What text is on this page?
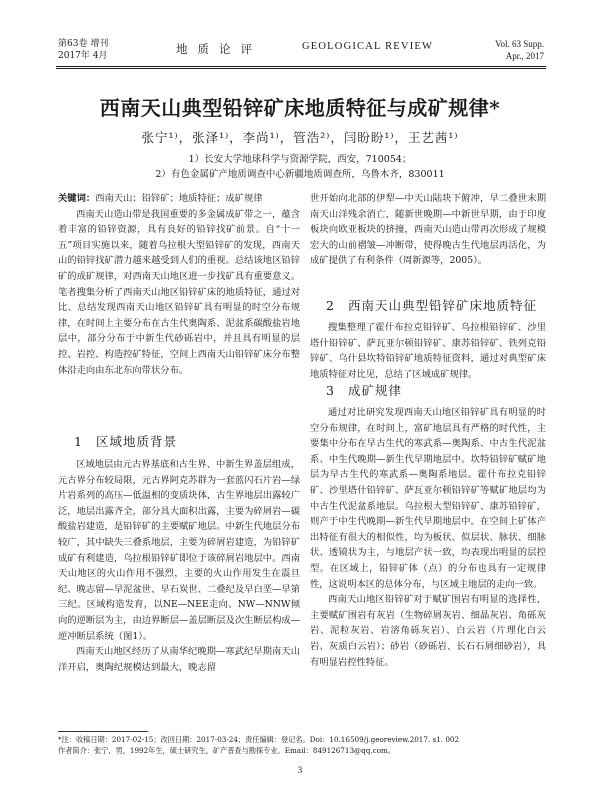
第63卷 增刊
2017年 4月	地质论评	GEOLOGICAL REVIEW	Vol. 63 Supp.
Apr., 2017
西南天山典型铅锌矿床地质特征与成矿规律*
张宁¹⁾，张泽¹⁾，李尚¹⁾，管浩²⁾，闫盼盼¹⁾，王艺茜¹⁾
1）长安大学地球科学与资源学院，西安，710054；
2）有色金属矿产地质调查中心新疆地质调查所，乌鲁木齐，830011

关键词：西南天山；铅锌矿；地质特征；成矿规律

西南天山造山带是我国重要的多金属成矿带之一，蕴含着丰富的铅锌资源，具有良好的铅锌找矿前景。自“十一五”项目实施以来，随着乌拉根大型铅锌矿的发现，西南天山的铅锌找矿潜力越来越受到人们的重视。总结该地区铅锌矿的成矿规律，对西南天山地区进一步找矿具有重要意义。笔者搜集分析了西南天山地区铅锌矿床的地质特征，通过对比、总结发现西南天山地区铅锌矿具有明显的时空分布规律，在时间上主要分布在古生代奥陶系、泥盆系碳酸盐岩地层中，部分分布于中新生代砂砾岩中，并且具有明显的层控、岩控、构造控矿特征，空间上西南天山铅锌矿床分布整体沿走向由东北东向带状分布。

1 区域地质背景

区域地层由元古界基底和古生界、中新生界盖层组成，元古界分布较局限，元古界阿克苏群为一套蓝闪石片岩—绿片岩系列的高压—低温相的变质块体，古生界地层出露较广泛，地层出露齐全，部分具大面积出露，主要为碎屑岩—碳酸盐岩建造，是铅锌矿的主要赋矿地层。中新生代地层分布较广，其中缺失三叠系地层，主要为碎屑岩建造，为铅锌矿成矿有利建造，乌拉根铅锌矿即位于该碎屑岩地层中。西南天山地区的火山作用不强烈，主要的火山作用发生在震旦纪、晚志留—早泥盆世、早石炭世、二叠纪及早白垩—早第三纪。区域构造发育，以NE—NEE走向、NW—NNW倾向的逆断层为主，由边界断层—盖层断层及次生断层构成—逆冲断层系统（图1）。

西南天山地区经历了从南华纪晚期—寒武纪早期南天山洋开启，奥陶纪规模达到最大，晚志留

世开始向北部的伊犁—中天山陆块下俯冲，早二叠世末期南天山洋残余消亡，随新世晚期—中新世早期，由于印度板块向欧亚板块的挤撞，西南天山造山带再次形成了规模宏大的山前褶皱—冲断带，使得晚古生代地层再活化，为成矿提供了有利条件（周新源等，2005）。

2 西南天山典型铅锌矿床地质特征

搜集整理了霍什布拉克铅锌矿、乌拉根铅锌矿、沙里塔什铅锌矿、萨瓦亚尔顿铅锌矿、康苏铅锌矿、铁列克铅锌矿、乌什县坎特铅锌矿地质特征资料，通过对典型矿床地质特征对比见，总结了区域成矿规律。

3 成矿规律

通过对比研究发现西南天山地区铅锌矿具有明显的时空分布规律，在时间上，富矿地层具有严格的时代性，主要集中分布在早古生代的寒武系—奥陶系、中古生代泥盆系、中生代晚期—新生代早期地层中。坎特铅锌矿赋矿地层为早古生代的寒武系—奥陶系地层。霍什布拉克铅锌矿、沙里塔什铅锌矿、萨瓦亚尔顿铅锌矿等赋矿地层均为中古生代泥盆系地层。乌拉根大型铅锌矿、康苏铅锌矿，则产于中生代晚期—新生代早期地层中。在空间上矿体产出特征有很大的相似性，均为板状、似层状、脉状、细脉状、透镜状为主，与地层产状一致，均表现出明显的层控型。在区域上，铅锌矿体（点）的分布也具有一定规律性，这说明本区的总体分布，与区域主地层的走向一致。

西南天山地区铅锌矿对于赋矿围岩有明显的选择性，主要赋矿围岩有灰岩（生物碎屑灰岩、细晶灰岩、角砾灰岩、泥粒灰岩、岩溶角砾灰岩）、白云岩（片理化白云岩、灰质白云岩）；砂岩（砂砾岩、长石石屑细砂岩），具有明显岩控性特征。

*注：收稿日期：2017-02-15；改回日期：2017-03-24；责任编辑：登记名。Doi：10.16509/j.georeview.2017. s1. 002
作者简介：张宁，男，1992年生，硕士研究生，矿产普查与勘探专业。Email：849126713@qq.com。
3
